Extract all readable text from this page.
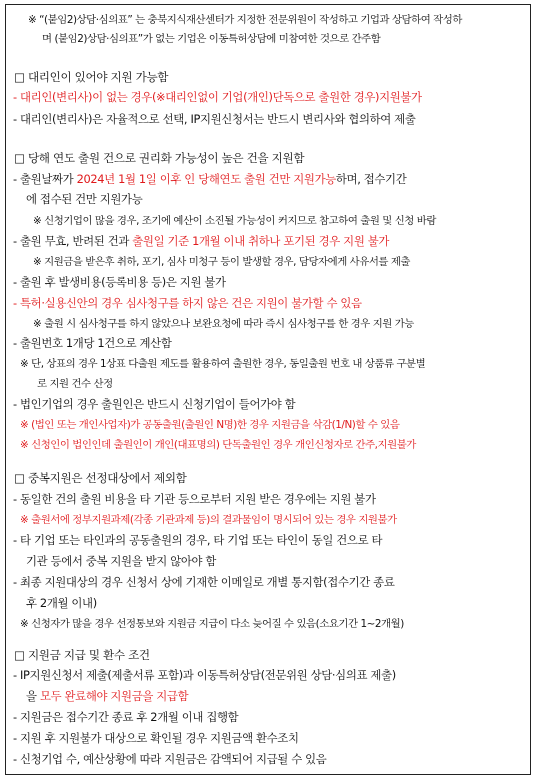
※ “(붙임2)상담·심의표” 는 충북지식재산센터가 지정한 전문위원이 작성하고 기업과 상담하여 작성하
며 (붙임2)상담·심의표”가 없는 기업은 이동특허상담에 미참여한 것으로 간주함
□ 대리인이 있어야 지원 가능함
- 대리인(변리사)이 없는 경우(※대리인없이 기업(개인)단독으로 출원한 경우)지원불가
- 대리인(변리사)은 자율적으로 선택, IP지원신청서는 반드시 변리사와 협의하여 제출
□ 당해 연도 출원 건으로 권리화 가능성이 높은 건을 지원함
- 출원날짜가 2024년 1월 1일 이후 인 당해연도 출원 건만 지원가능하며, 접수기간
에 접수된 건만 지원가능
※ 신청기업이 많을 경우, 조기에 예산이 소진될 가능성이 커지므로 참고하여 출원 및 신청 바람
- 출원 무효, 반려된 건과 출원일 기준 1개월 이내 취하나 포기된 경우 지원 불가
※ 지원금을 받은후 취하, 포기, 심사 미청구 등이 발생할 경우, 담당자에게 사유서를 제출
- 출원 후 발생비용(등록비용 등)은 지원 불가
- 특허·실용신안의 경우 심사청구를 하지 않은 건은 지원이 불가할 수 있음
※ 출원 시 심사청구를 하지 않았으나 보완요청에 따라 즉시 심사청구를 한 경우 지원 가능
- 출원번호 1개당 1건으로 계산함
※ 단, 상표의 경우 1상표 다출원 제도를 활용하여 출원한 경우, 동일출원 번호 내 상품류 구분별
로 지원 건수 산정
- 법인기업의 경우 출원인은 반드시 신청기업이 들어가야 함
※ (법인 또는 개인사업자)가 공동출원(출원인 N명)한 경우 지원금을 삭감(1/N)할 수 있음
※ 신청인이 법인인데 출원인이 개인(대표명의) 단독출원인 경우 개인신청자로 간주,지원불가
□ 중복지원은 선정대상에서 제외함
- 동일한 건의 출원 비용을 타 기관 등으로부터 지원 받은 경우에는 지원 불가
※ 출원서에 정부지원과제(각종 기관과제 등)의 결과물임이 명시되어 있는 경우 지원불가
- 타 기업 또는 타인과의 공동출원의 경우, 타 기업 또는 타인이 동일 건으로 타
기관 등에서 중복 지원을 받지 않아야 함
- 최종 지원대상의 경우 신청서 상에 기재한 이메일로 개별 통지함(접수기간 종료
후 2개월 이내)
※ 신청자가 많을 경우 선정통보와 지원금 지급이 다소 늦어질 수 있음(소요기간 1~2개월)
□ 지원금 지급 및 환수 조건
- IP지원신청서 제출(제출서류 포함)과 이동특허상담(전문위원 상담·심의표 제출)
을 모두 완료해야 지원금을 지급함
- 지원금은 접수기간 종료 후 2개월 이내 집행함
- 지원 후 지원불가 대상으로 확인될 경우 지원금액 환수조치
- 신청기업 수, 예산상황에 따라 지원금은 감액되어 지급될 수 있음
